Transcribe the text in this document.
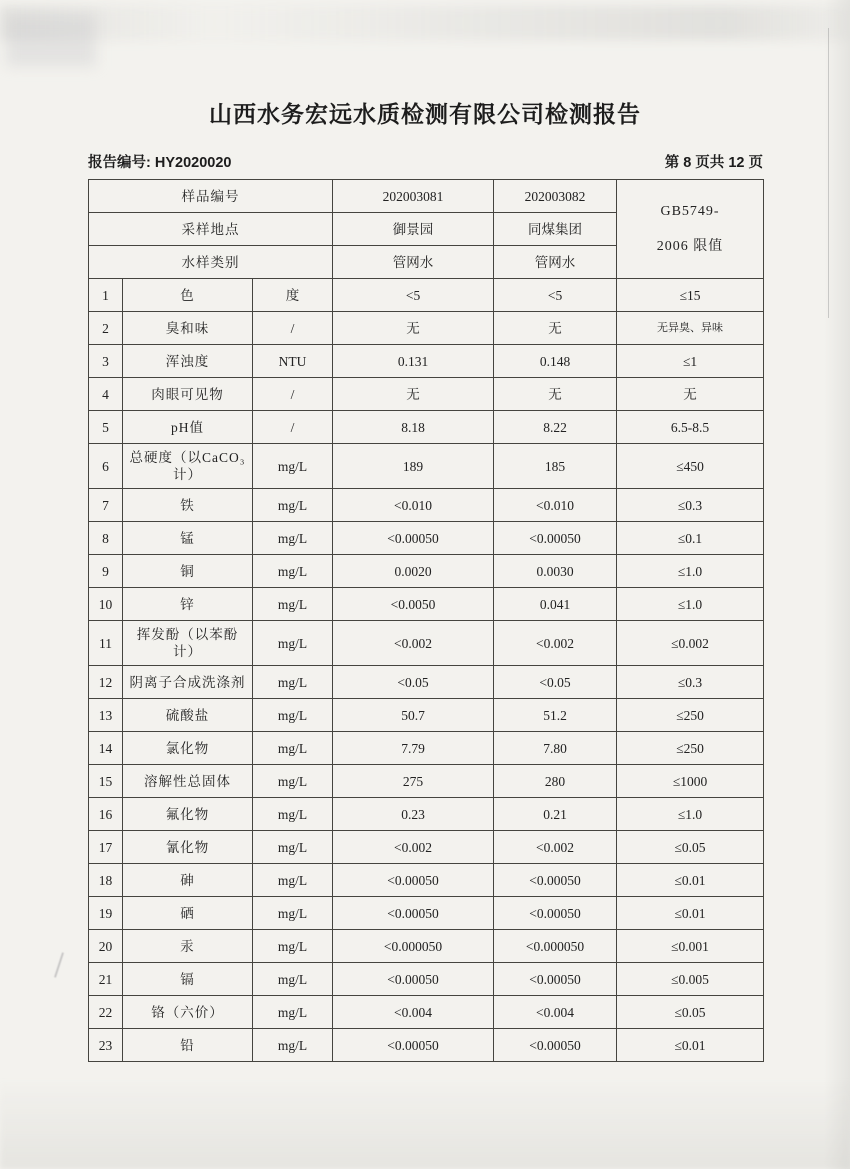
山西水务宏远水质检测有限公司检测报告
报告编号: HY2020020	第 8 页共 12 页
样品编号			202003081	202003082	GB5749-
2006 限值

采样地点			御景园	同煤集团	
水样类别			管网水	管网水	
1	色	度	<5	<5	≤15
2	臭和味	/	无	无	无异臭、异味
3	浑浊度	NTU	0.131	0.148	≤1
4	肉眼可见物	/	无	无	无
5	pH值	/	8.18	8.22	6.5-8.5
6	总硬度（以CaCO₃计）	mg/L	189	185	≤450
7	铁	mg/L	<0.010	<0.010	≤0.3
8	锰	mg/L	<0.00050	<0.00050	≤0.1
9	铜	mg/L	0.0020	0.0030	≤1.0
10	锌	mg/L	<0.0050	0.041	≤1.0
11	挥发酚（以苯酚计）	mg/L	<0.002	<0.002	≤0.002
12	阴离子合成洗涤剂	mg/L	<0.05	<0.05	≤0.3
13	硫酸盐	mg/L	50.7	51.2	≤250
14	氯化物	mg/L	7.79	7.80	≤250
15	溶解性总固体	mg/L	275	280	≤1000
16	氟化物	mg/L	0.23	0.21	≤1.0
17	氰化物	mg/L	<0.002	<0.002	≤0.05
18	砷	mg/L	<0.00050	<0.00050	≤0.01
19	硒	mg/L	<0.00050	<0.00050	≤0.01
20	汞	mg/L	<0.000050	<0.000050	≤0.001
21	镉	mg/L	<0.00050	<0.00050	≤0.005
22	铬（六价）	mg/L	<0.004	<0.004	≤0.05
23	铅	mg/L	<0.00050	<0.00050	≤0.01
